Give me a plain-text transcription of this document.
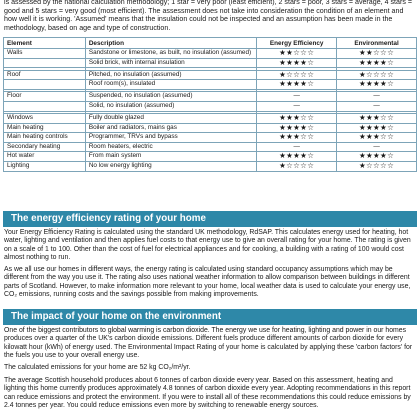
is assessed by the national calculation methodology; 1 star = very poor (least efficient), 2 stars = poor, 3 stars = average, 4 stars = good and 5 stars = very good (most efficient). The assessment does not take into consideration the condition of an element and how well it is working. 'Assumed' means that the insulation could not be inspected and an assumption has been made in the methodology, based on age and type of construction.

Element	Description	Energy Efficiency	Environmental
Walls	Sandstone or limestone, as built, no insulation (assumed)	★★☆☆☆	★★☆☆☆
	Solid brick, with internal insulation	★★★★☆	★★★★☆

Roof	Pitched, no insulation (assumed)	★☆☆☆☆	★☆☆☆☆
	Roof room(s), insulated	★★★★☆	★★★★☆

Floor	Suspended, no insulation (assumed)	—	—
	Solid, no insulation (assumed)	—	—

Windows	Fully double glazed	★★★☆☆	★★★☆☆
Main heating	Boiler and radiators, mains gas	★★★★☆	★★★★☆
Main heating controls	Programmer, TRVs and bypass	★★★☆☆	★★★☆☆
Secondary heating	Room heaters, electric	—	—
Hot water	From main system	★★★★☆	★★★★☆
Lighting	No low energy lighting	★☆☆☆☆	★☆☆☆☆
The energy efficiency rating of your home

Your Energy Efficiency Rating is calculated using the standard UK methodology, RdSAP. This calculates energy used for heating, hot water, lighting and ventilation and then applies fuel costs to that energy use to give an overall rating for your home. The rating is given on a scale of 1 to 100. Other than the cost of fuel for electrical appliances and for cooking, a building with a rating of 100 would cost almost nothing to run.

As we all use our homes in different ways, the energy rating is calculated using standard occupancy assumptions which may be different from the way you use it. The rating also uses national weather information to allow comparison between buildings in different parts of Scotland. However, to make information more relevant to your home, local weather data is used to calculate your energy use, CO₂ emissions, running costs and the savings possible from making improvements.

The impact of your home on the environment

One of the biggest contributors to global warming is carbon dioxide. The energy we use for heating, lighting and power in our homes produces over a quarter of the UK's carbon dioxide emissions. Different fuels produce different amounts of carbon dioxide for every kilowatt hour (kWh) of energy used. The Environmental Impact Rating of your home is calculated by applying these 'carbon factors' for the fuels you use to your overall energy use.

The calculated emissions for your home are 52 kg CO₂/m²/yr.

The average Scottish household produces about 6 tonnes of carbon dioxide every year. Based on this assessment, heating and lighting this home currently produces approximately 4.8 tonnes of carbon dioxide every year. Adopting recommendations in this report can reduce emissions and protect the environment. If you were to install all of these recommendations this could reduce emissions by 2.4 tonnes per year. You could reduce emissions even more by switching to renewable energy sources.
